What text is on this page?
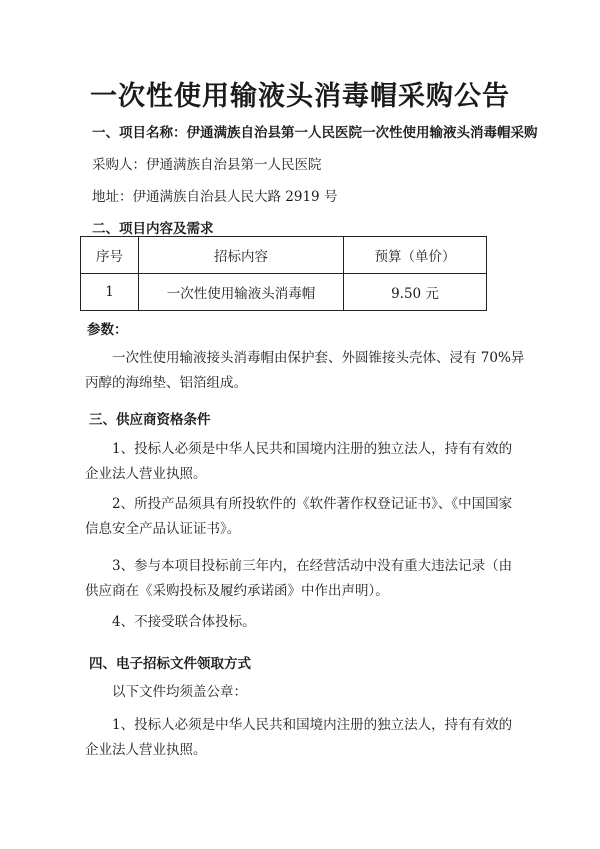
一次性使用输液头消毒帽采购公告
一、项目名称：伊通满族自治县第一人民医院一次性使用输液头消毒帽采购
采购人：伊通满族自治县第一人民医院
地址：伊通满族自治县人民大路 2919 号
二、项目内容及需求
序号	招标内容	预算（单价）
1	一次性使用输液头消毒帽	9.50 元
参数：
一次性使用输液接头消毒帽由保护套、外圆锥接头壳体、浸有 70%异丙醇的海绵垫、铝箔组成。
三、供应商资格条件
1、投标人必须是中华人民共和国境内注册的独立法人，持有有效的企业法人营业执照。
2、所投产品须具有所投软件的《软件著作权登记证书》、《中国国家信息安全产品认证证书》。
3、参与本项目投标前三年内，在经营活动中没有重大违法记录（由供应商在《采购投标及履约承诺函》中作出声明）。
4、不接受联合体投标。
四、电子招标文件领取方式
以下文件均须盖公章：
1、投标人必须是中华人民共和国境内注册的独立法人，持有有效的企业法人营业执照。
